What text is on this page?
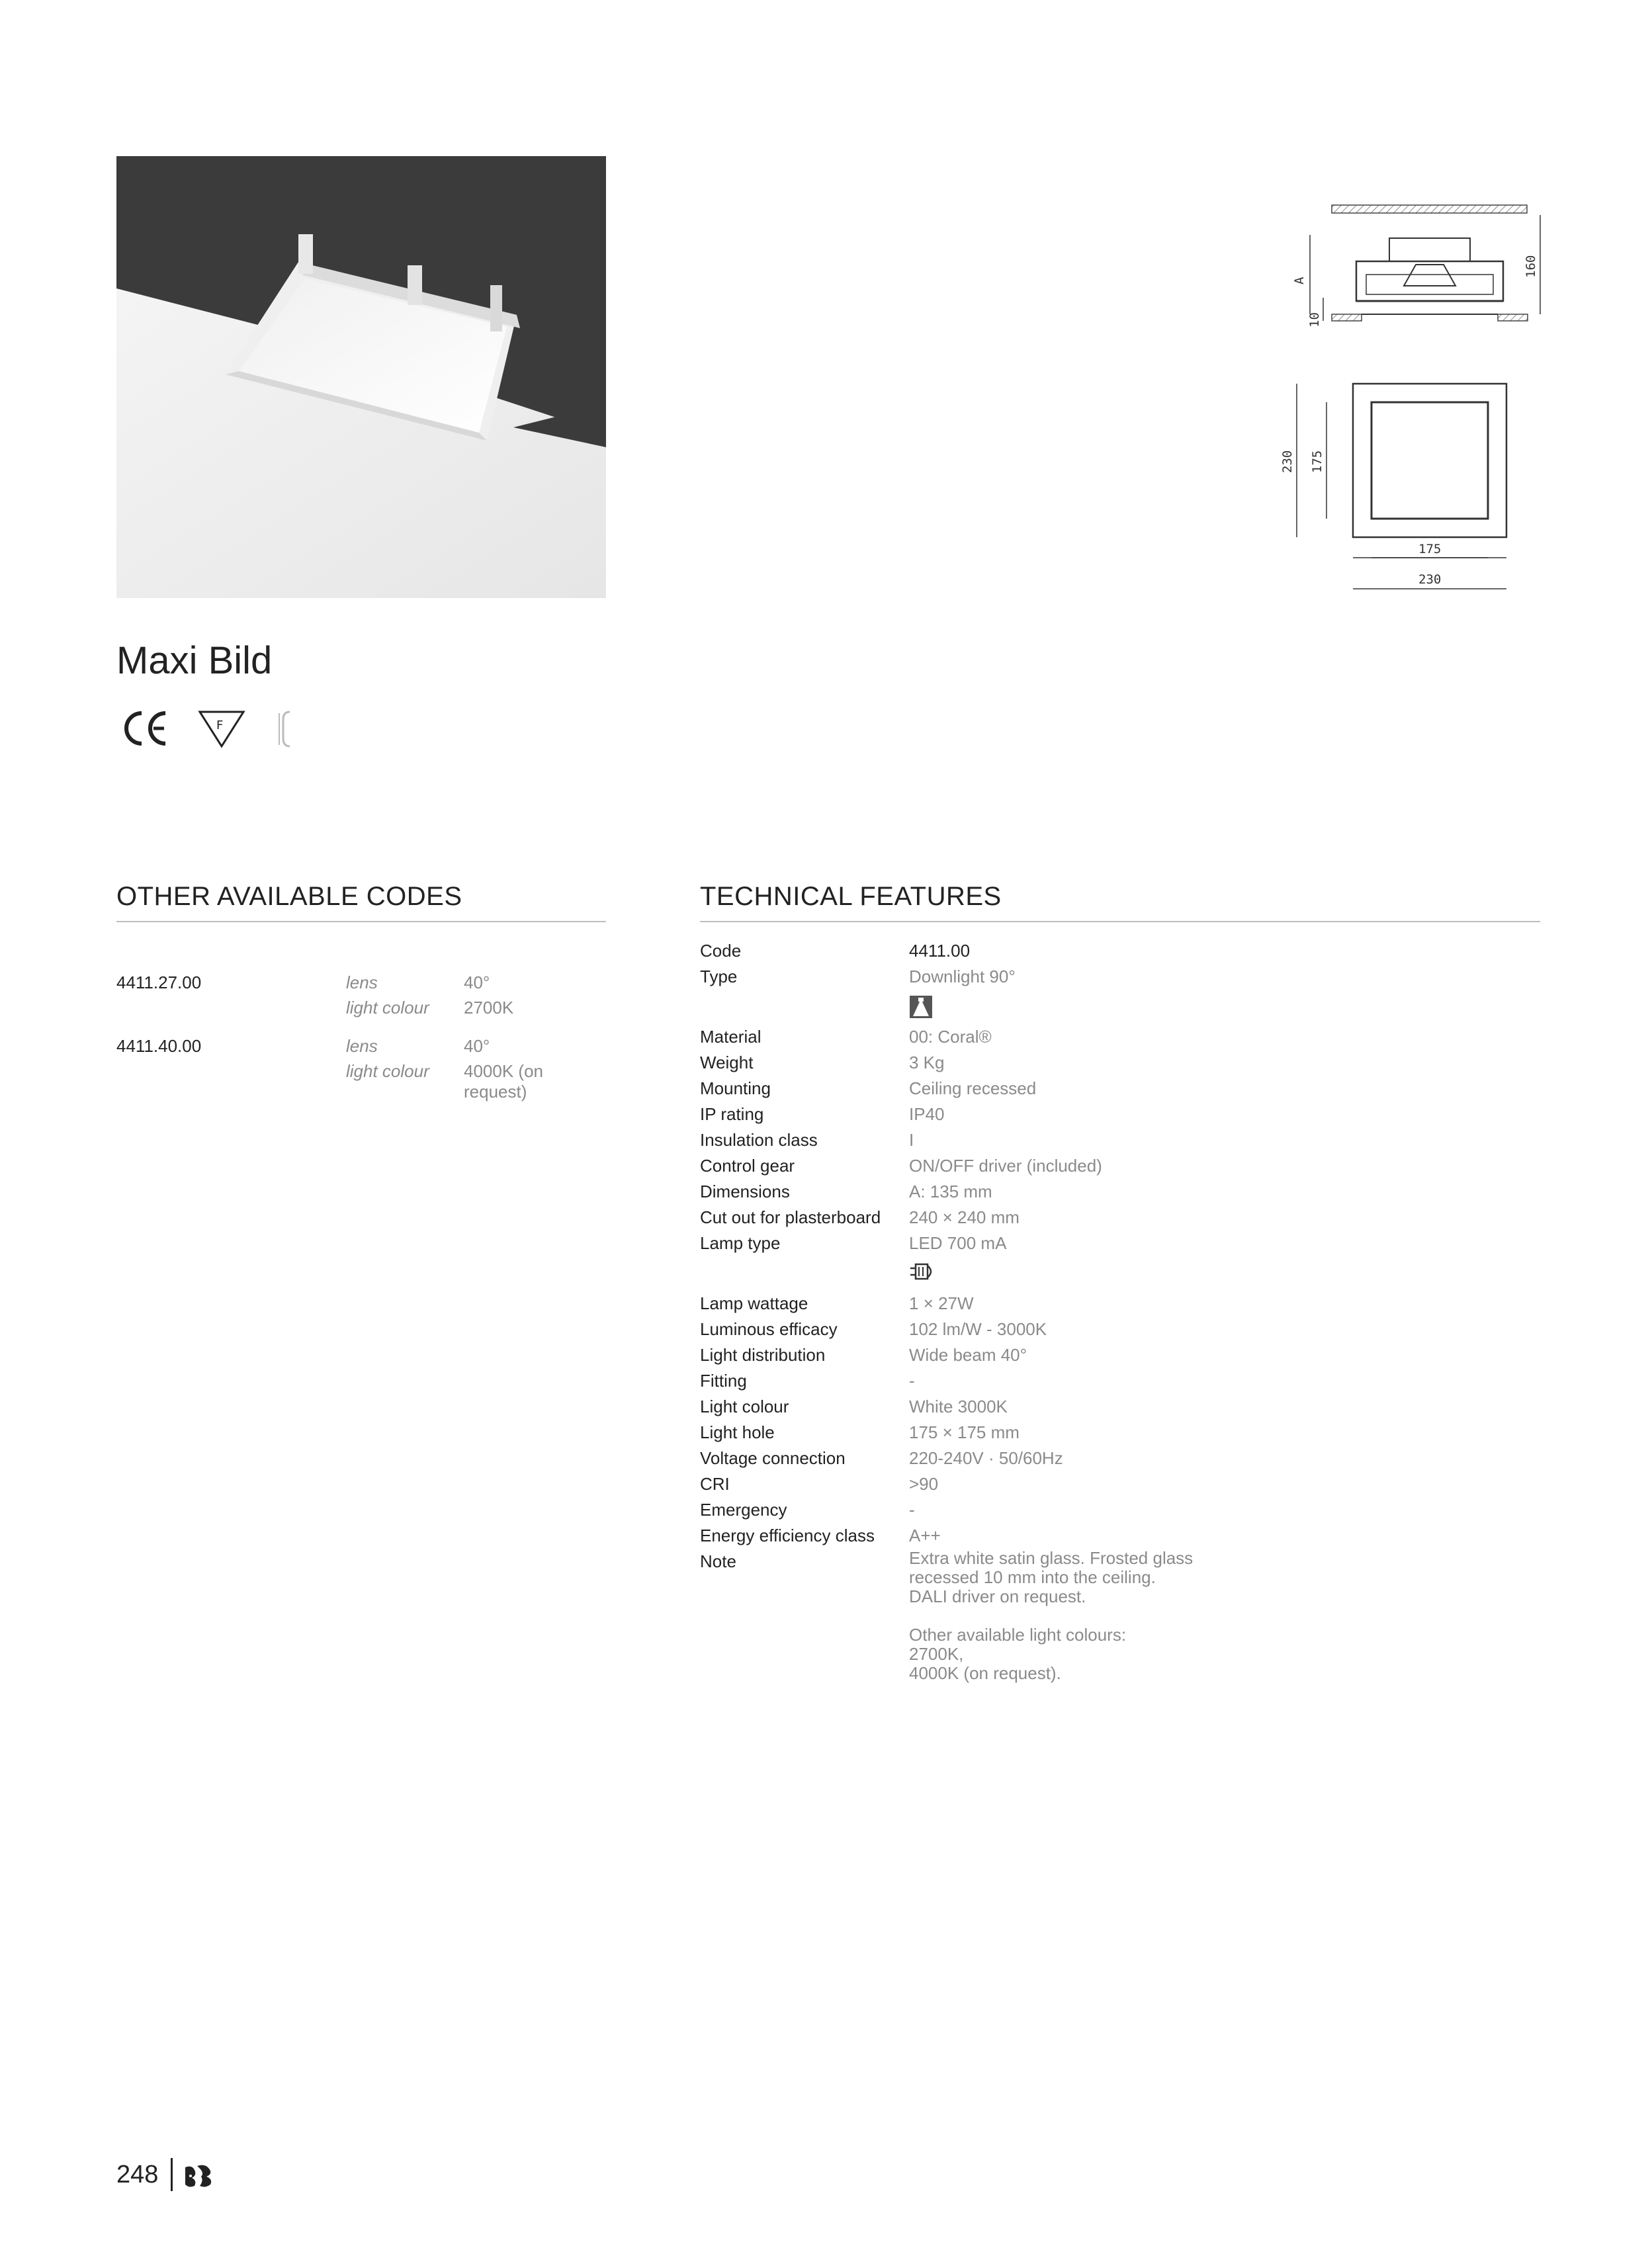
A
10
160
230 175
175
230
Maxi Bild
F
OTHER AVAILABLE CODES
4411.27.00	lens	40°
light colour 2700K
4411.40.00	lens	40°
light colour 4000K (on request)
TECHNICAL FEATURES
Code	4411.00
Type	Downlight 90°
Material	00: Coral®
Weight	3 Kg
Mounting	Ceiling recessed
IP rating	IP40
Insulation class	I
Control gear	ON/OFF driver (included)
Dimensions	A: 135 mm
Cut out for plasterboard 240 × 240 mm
Lamp type	LED 700 mA
Lamp wattage	1 × 27W
Luminous efficacy	102 lm/W - 3000K
Light distribution	Wide beam 40°
Fitting	-
Light colour	White 3000K
Light hole	175 × 175 mm
Voltage connection	220-240V · 50/60Hz
CRI	>90
Emergency	-
Energy efficiency class A++
Note	Extra white satin glass. Frosted glass
recessed 10 mm into the ceiling.
DALI driver on request.
Other available light colours:
2700K,
4000K (on request).
248
